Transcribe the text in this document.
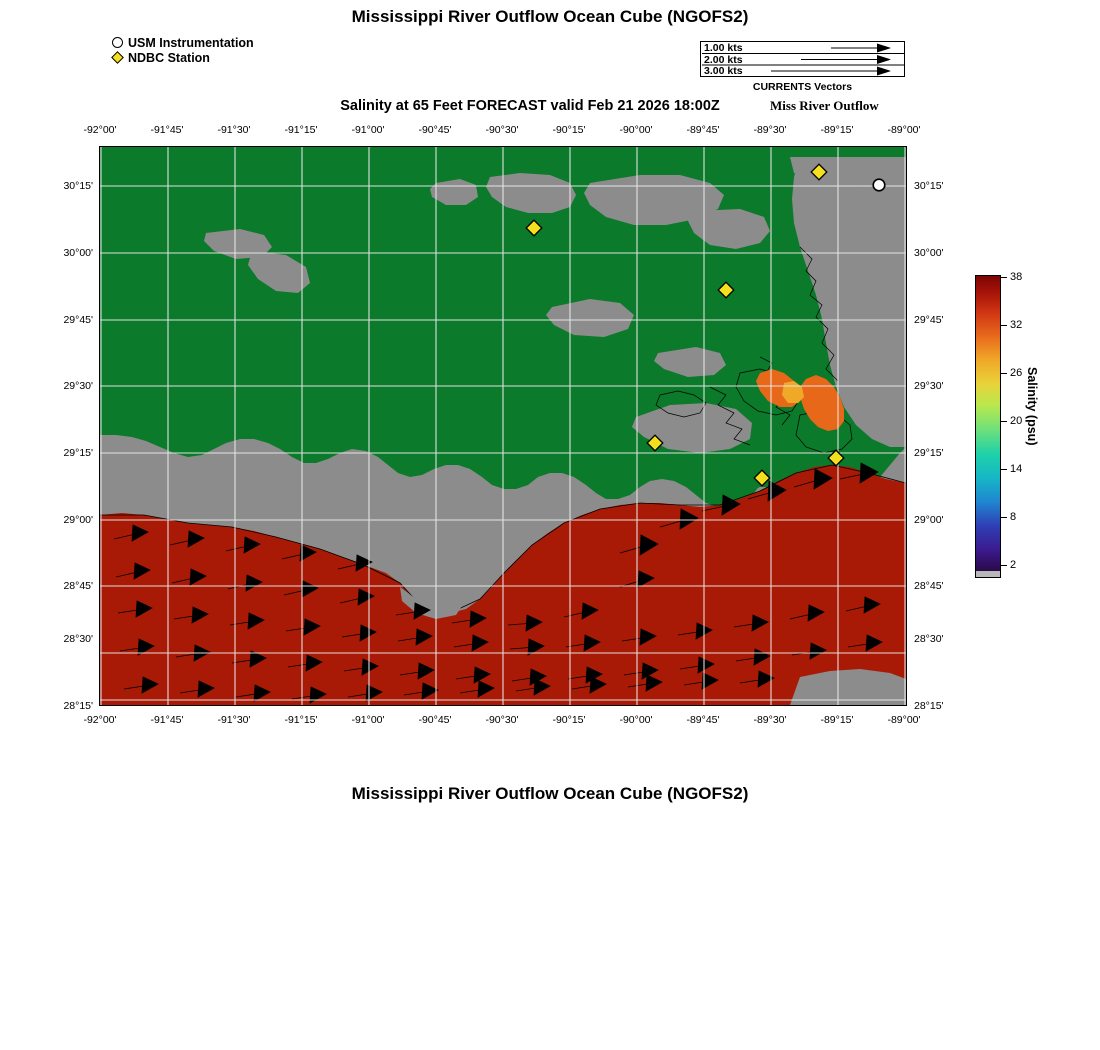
Mississippi River Outflow Ocean Cube (NGOFS2)
USM Instrumentation
NDBC Station
1.00 kts
2.00 kts
3.00 kts
CURRENTS Vectors
Salinity at 65 Feet FORECAST valid Feb 21 2026 18:00Z	Miss River Outflow
-92°00'	-91°45'	-91°30'	-91°15'	-91°00'	-90°45'	-90°30'	-90°15'	-90°00'	-89°45'	-89°30'	-89°15'	-89°00'
-92°00'	-91°45'	-91°30'	-91°15'	-91°00'	-90°45'	-90°30'	-90°15'	-90°00'	-89°45'	-89°30'	-89°15'	-89°00'
30°15'
30°00'
29°45'
29°30'
29°15'
29°00'
28°45'
28°30'
28°15'
30°15'
30°00'
29°45'
29°30'
29°15'
29°00'
28°45'
28°30'
28°15'
38
32
26
20
14
8
2
Salinity (psu)
Mississippi River Outflow Ocean Cube (NGOFS2)
